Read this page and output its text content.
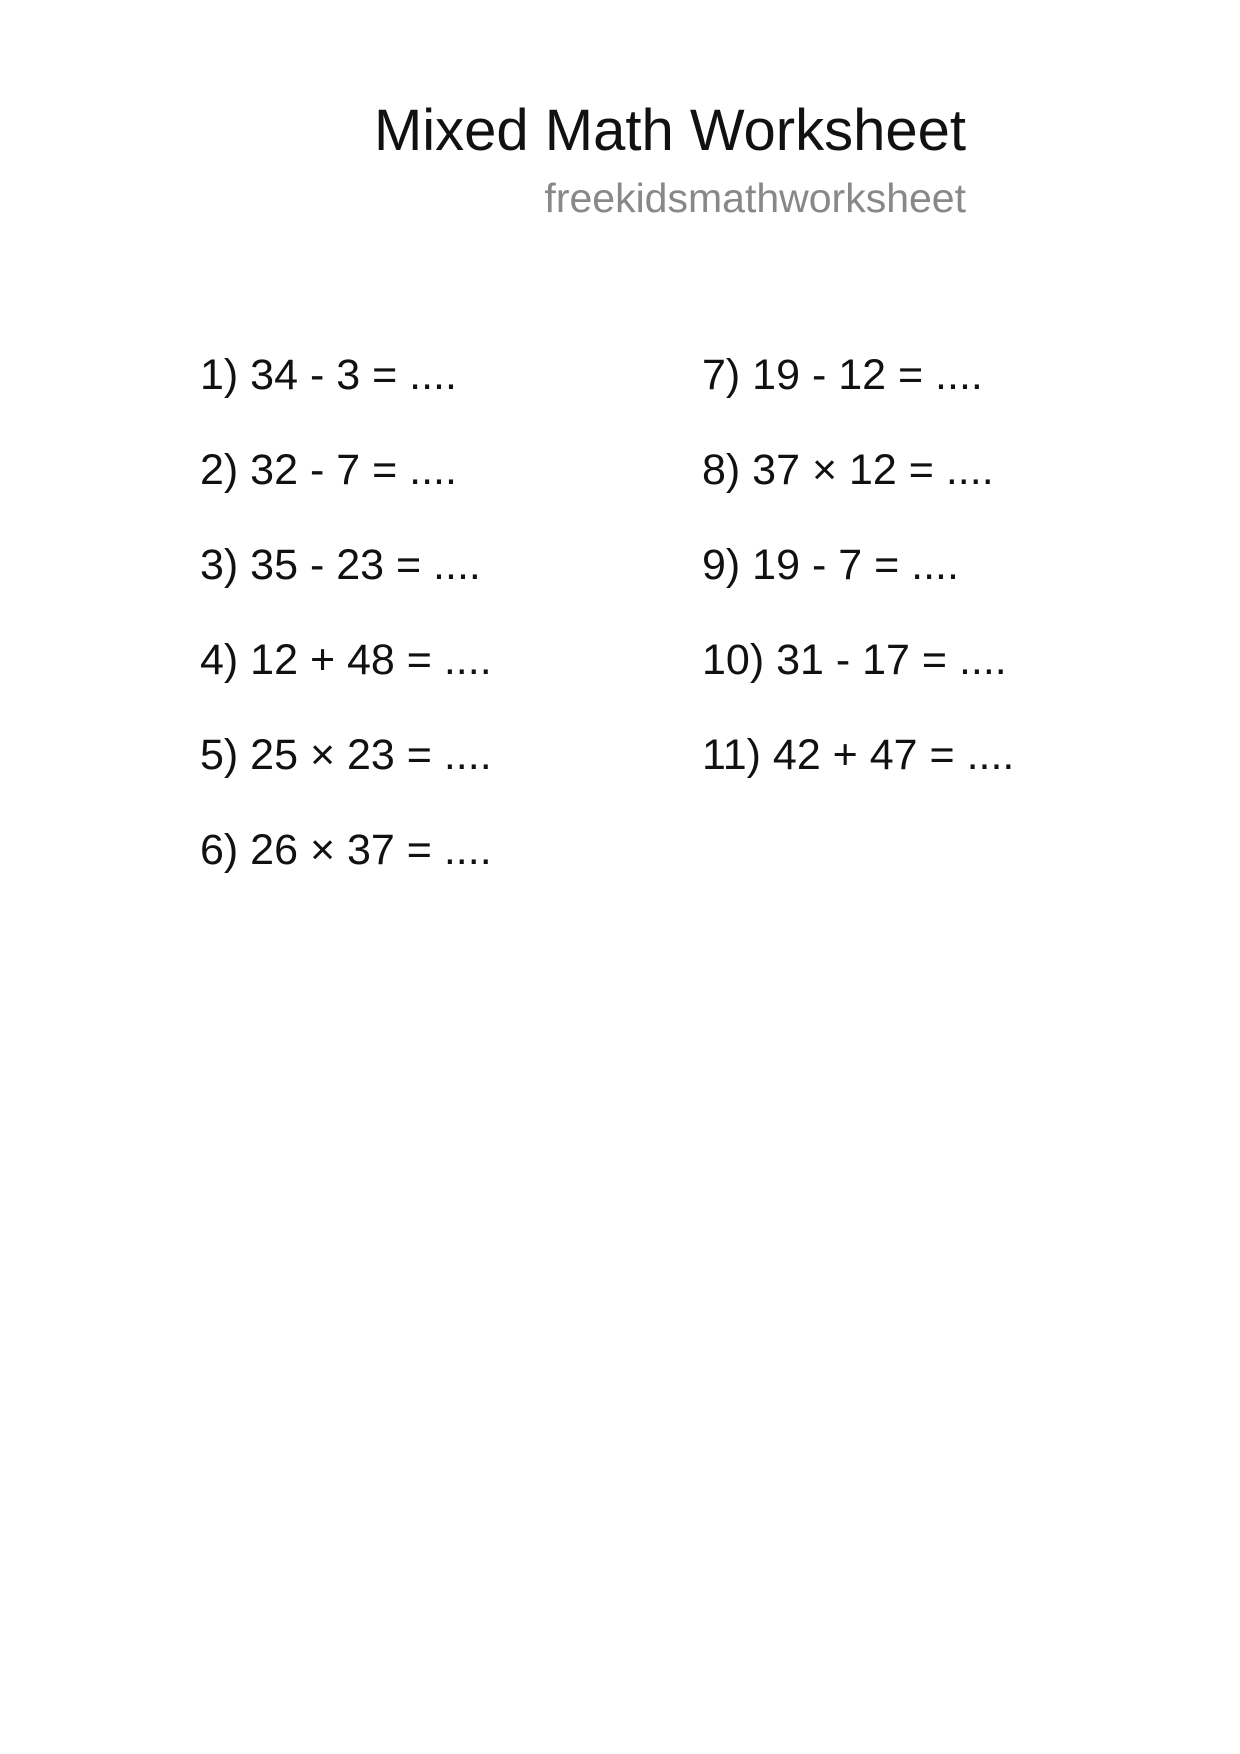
Mixed Math Worksheet
freekidsmathworksheet
1) 34 - 3 = ....
2) 32 - 7 = ....
3) 35 - 23 = ....
4) 12 + 48 = ....
5) 25 × 23 = ....
6) 26 × 37 = ....
7) 19 - 12 = ....
8) 37 × 12 = ....
9) 19 - 7 = ....
10) 31 - 17 = ....
11) 42 + 47 = ....
